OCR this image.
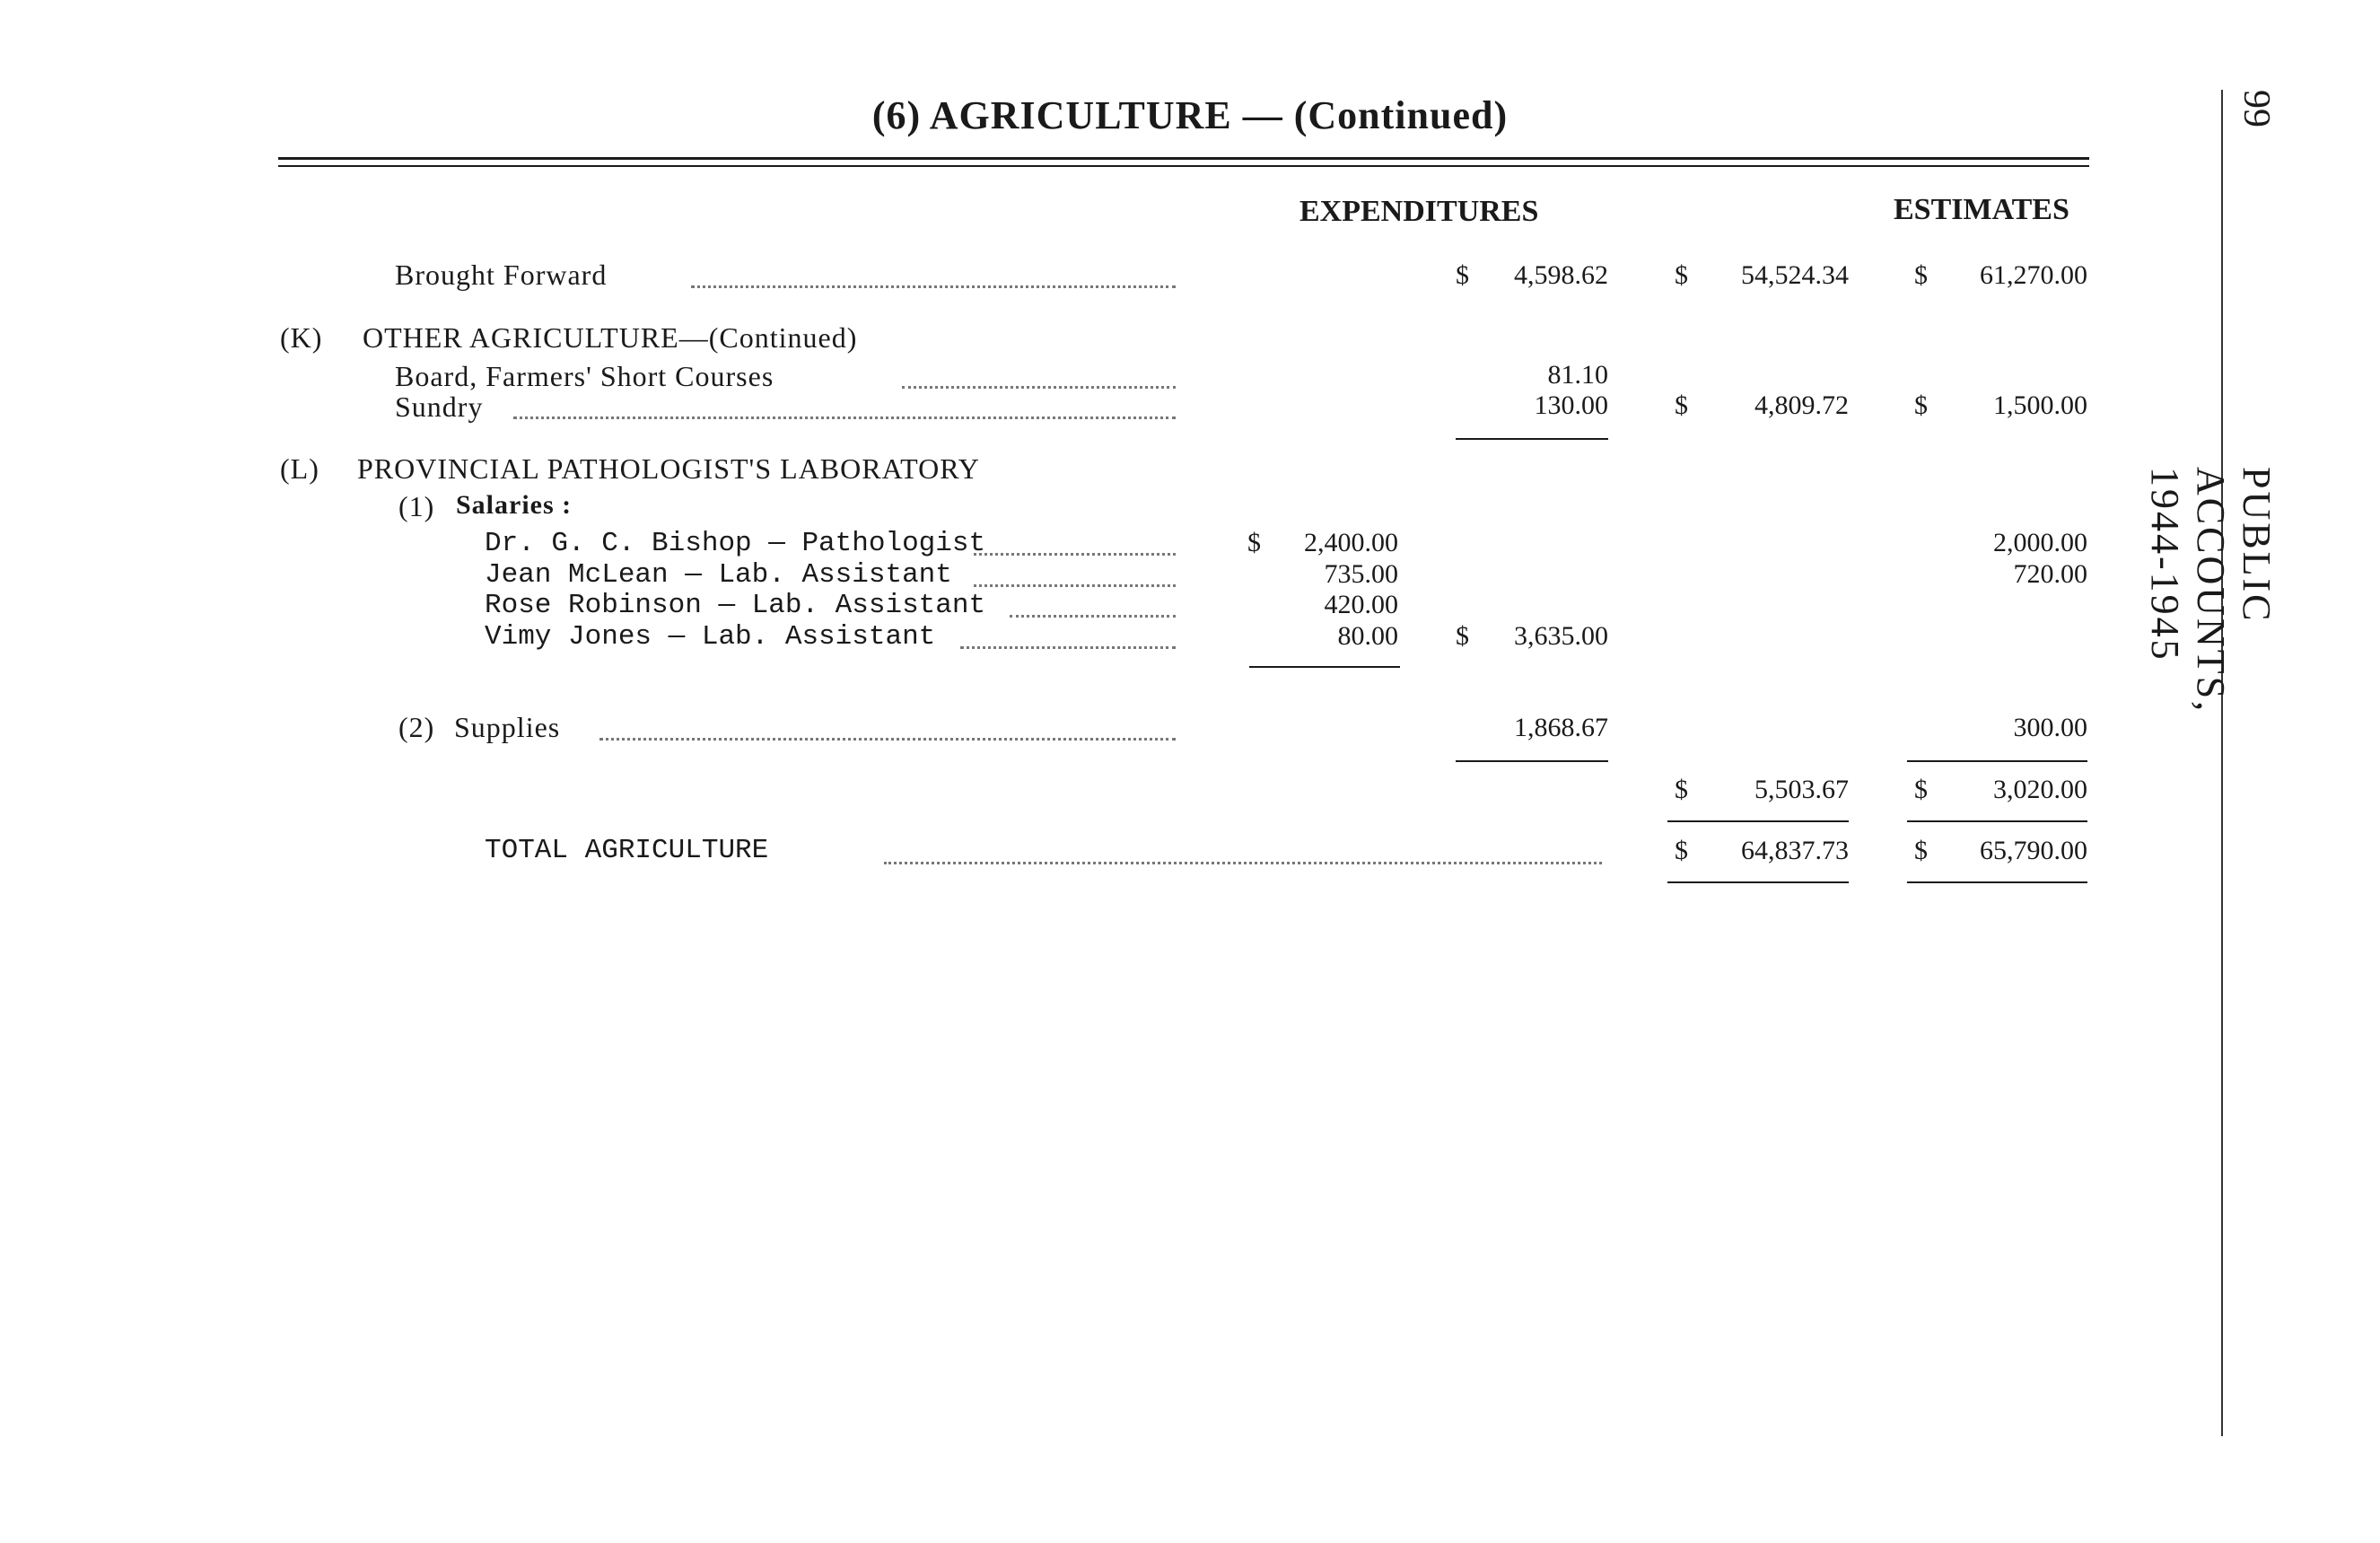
(6) AGRICULTURE — (Continued)
EXPENDITURES	ESTIMATES
Brought Forward	$	4,598.62 $	54,524.34 $	61,270.00
(K) OTHER AGRICULTURE—(Continued)
Board, Farmers' Short Courses	81.10
Sundry	130.00 $	4,809.72 $	1,500.00
(L) PROVINCIAL PATHOLOGIST'S LABORATORY
(1) Salaries :
Dr. G. C. Bishop — Pathologist	$	2,400.00	2,000.00
Jean McLean — Lab. Assistant	735.00	720.00
Rose Robinson — Lab. Assistant	420.00
Vimy Jones — Lab. Assistant	80.00 $	3,635.00
(2) Supplies	1,868.67	300.00
$	5,503.67 $	3,020.00
TOTAL AGRICULTURE	$	64,837.73 $	65,790.00
99
PUBLIC ACCOUNTS, 1944-1945
